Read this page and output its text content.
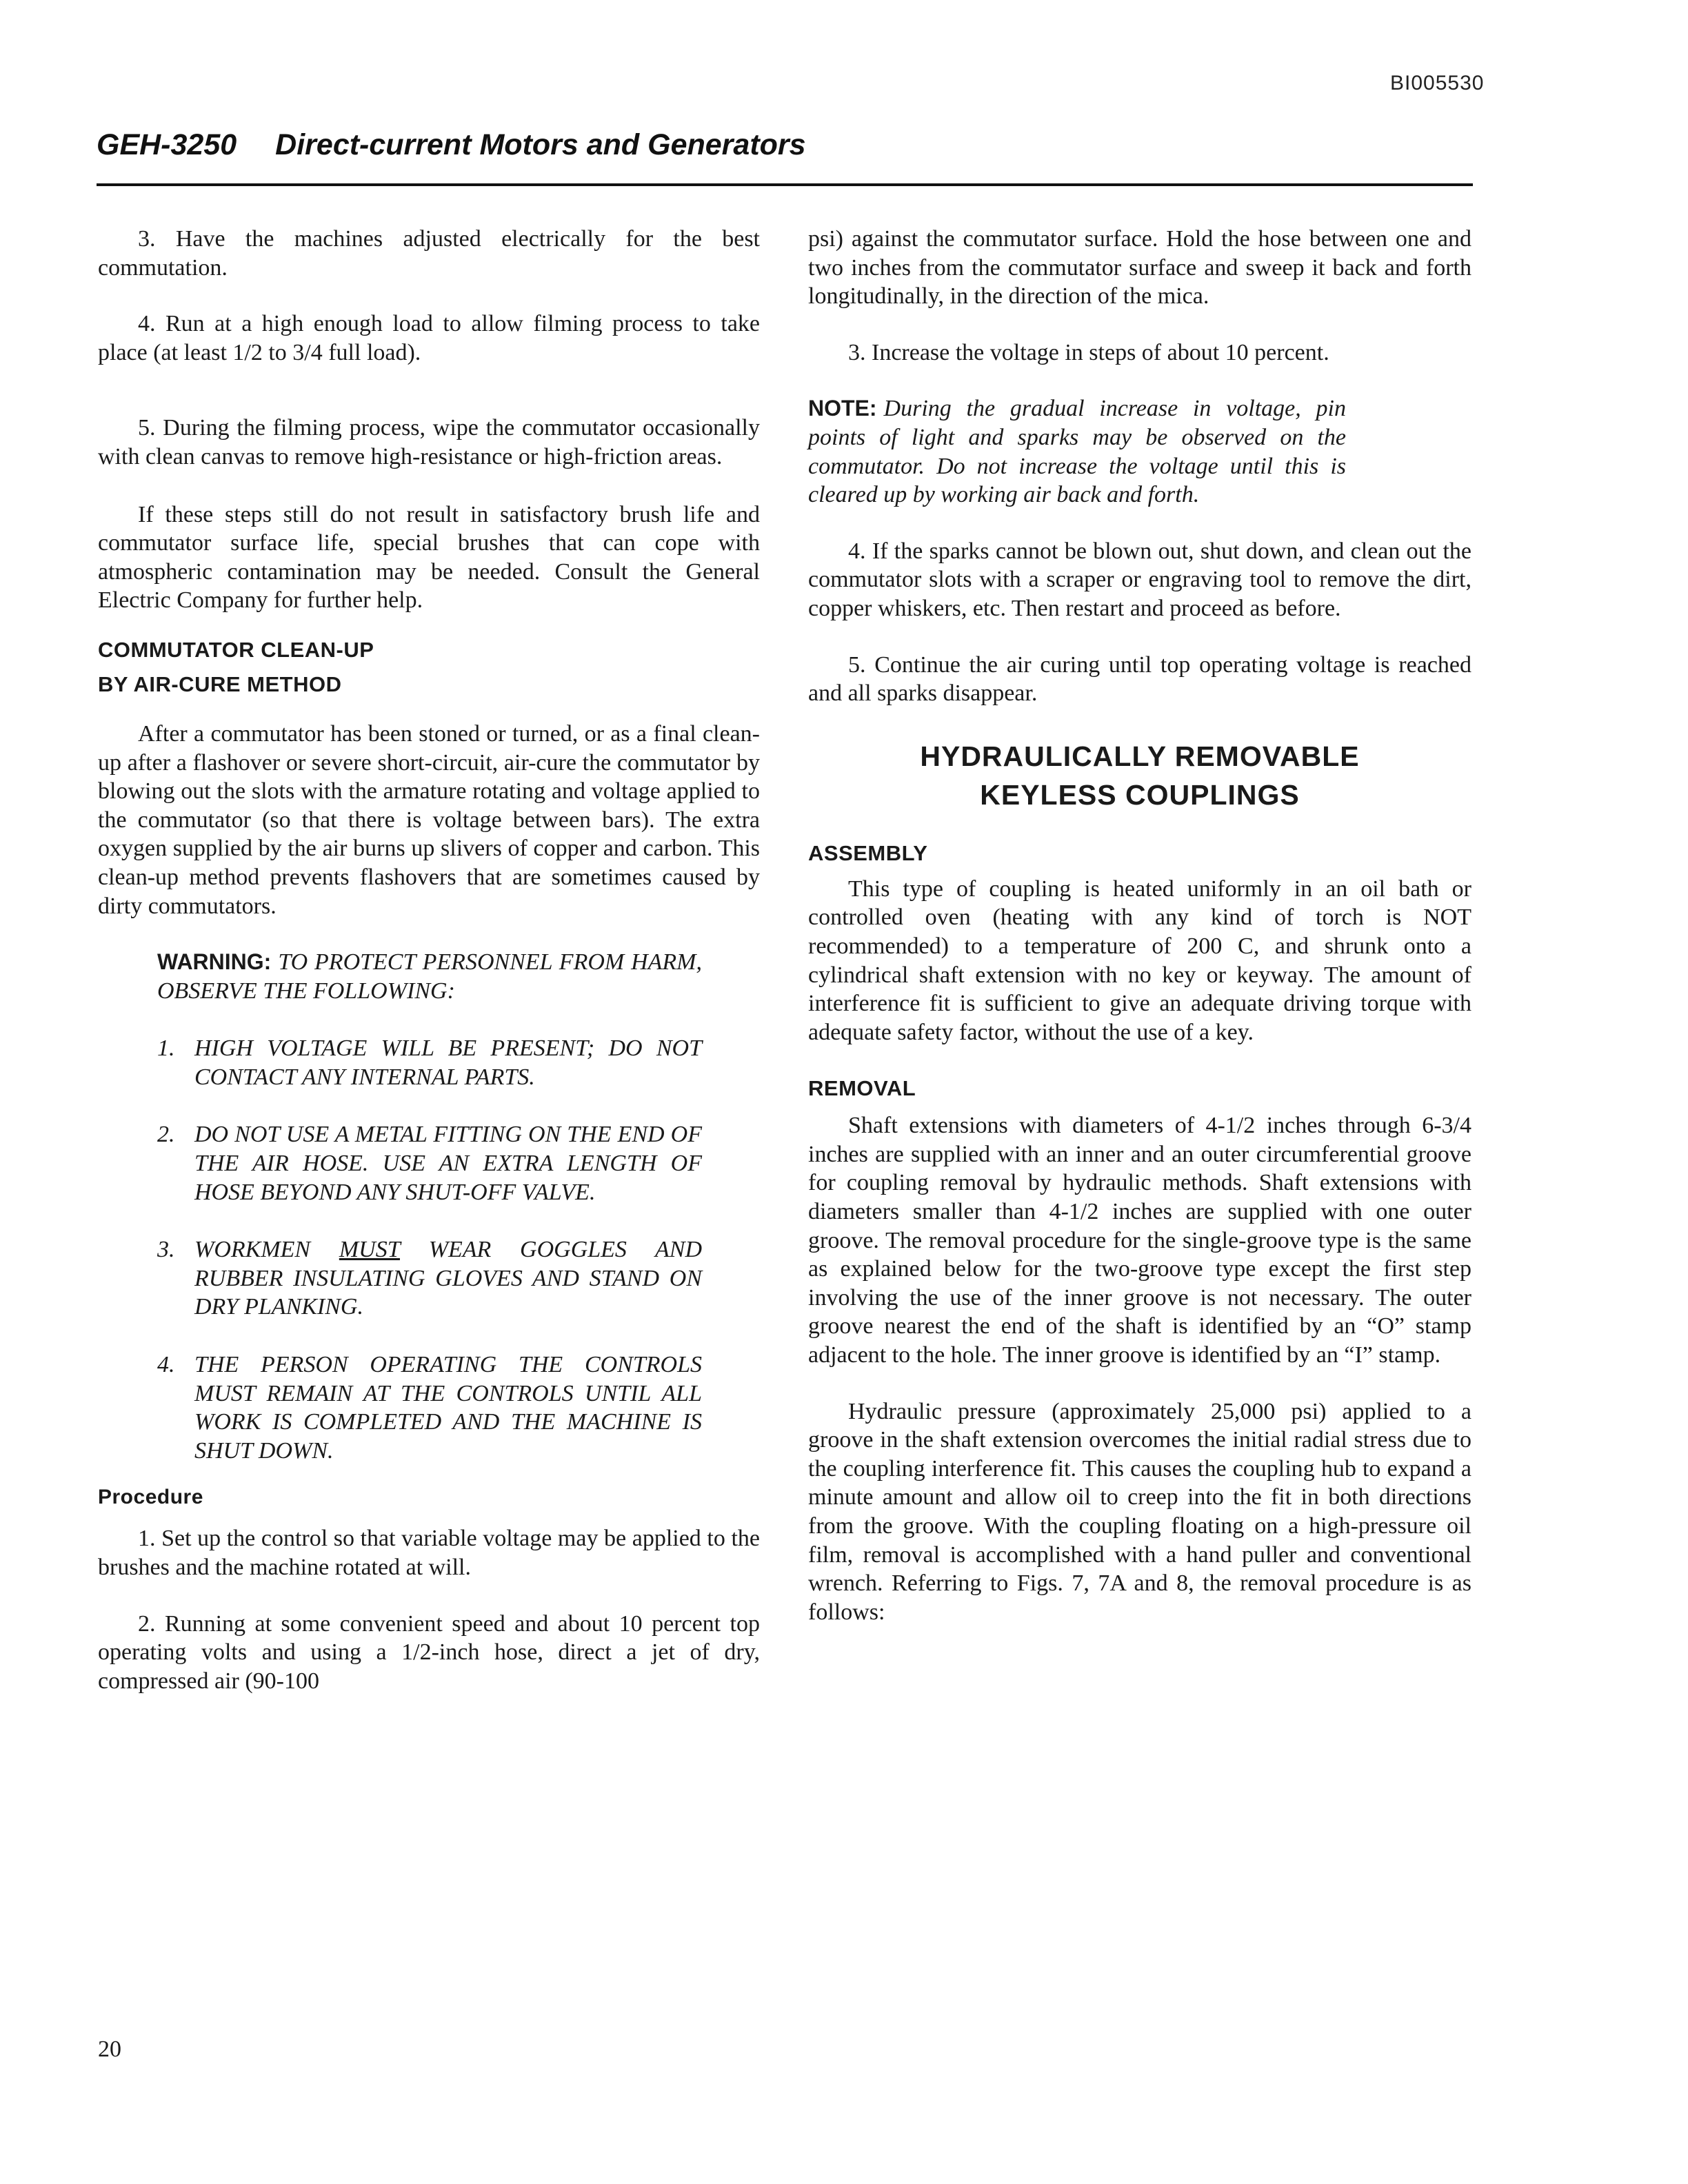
BI005530
GEH-3250 Direct-current Motors and Generators

3. Have the machines adjusted electrically for the best commutation.

4. Run at a high enough load to allow filming process to take place (at least 1/2 to 3/4 full load).

5. During the filming process, wipe the commutator occasionally with clean canvas to remove high-resistance or high-friction areas.

If these steps still do not result in satisfactory brush life and commutator surface life, special brushes that can cope with atmospheric contamination may be needed. Consult the General Electric Company for further help.

COMMUTATOR CLEAN-UP

BY AIR-CURE METHOD

After a commutator has been stoned or turned, or as a final clean-up after a flashover or severe short-circuit, air-cure the commutator by blowing out the slots with the armature rotating and voltage applied to the commutator (so that there is voltage between bars). The extra oxygen supplied by the air burns up slivers of copper and carbon. This clean-up method prevents flashovers that are sometimes caused by dirty commutators.

WARNING: TO PROTECT PERSONNEL FROM HARM, OBSERVE THE FOLLOWING:

1. HIGH VOLTAGE WILL BE PRESENT; DO NOT CONTACT ANY INTERNAL PARTS.
2. DO NOT USE A METAL FITTING ON THE END OF THE AIR HOSE. USE AN EXTRA LENGTH OF HOSE BEYOND ANY SHUT-OFF VALVE.
3. WORKMEN MUST WEAR GOGGLES AND RUBBER INSULATING GLOVES AND STAND ON DRY PLANKING.
4. THE PERSON OPERATING THE CONTROLS MUST REMAIN AT THE CONTROLS UNTIL ALL WORK IS COMPLETED AND THE MACHINE IS SHUT DOWN.

Procedure

1. Set up the control so that variable voltage may be applied to the brushes and the machine rotated at will.

2. Running at some convenient speed and about 10 percent top operating volts and using a 1/2-inch hose, direct a jet of dry, compressed air (90-100

psi) against the commutator surface. Hold the hose between one and two inches from the commutator surface and sweep it back and forth longitudinally, in the direction of the mica.

3. Increase the voltage in steps of about 10 percent.

NOTE: During the gradual increase in voltage, pin points of light and sparks may be observed on the commutator. Do not increase the voltage until this is cleared up by working air back and forth.

4. If the sparks cannot be blown out, shut down, and clean out the commutator slots with a scraper or engraving tool to remove the dirt, copper whiskers, etc. Then restart and proceed as before.

5. Continue the air curing until top operating voltage is reached and all sparks disappear.

HYDRAULICALLY REMOVABLE

KEYLESS COUPLINGS

ASSEMBLY

This type of coupling is heated uniformly in an oil bath or controlled oven (heating with any kind of torch is NOT recommended) to a temperature of 200 C, and shrunk onto a cylindrical shaft extension with no key or keyway. The amount of interference fit is sufficient to give an adequate driving torque with adequate safety factor, without the use of a key.

REMOVAL

Shaft extensions with diameters of 4-1/2 inches through 6-3/4 inches are supplied with an inner and an outer circumferential groove for coupling removal by hydraulic methods. Shaft extensions with diameters smaller than 4-1/2 inches are supplied with one outer groove. The removal procedure for the single-groove type is the same as explained below for the two-groove type except the first step involving the use of the inner groove is not necessary. The outer groove nearest the end of the shaft is identified by an “O” stamp adjacent to the hole. The inner groove is identified by an “I” stamp.

Hydraulic pressure (approximately 25,000 psi) applied to a groove in the shaft extension overcomes the initial radial stress due to the coupling interference fit. This causes the coupling hub to expand a minute amount and allow oil to creep into the fit in both directions from the groove. With the coupling floating on a high-pressure oil film, removal is accomplished with a hand puller and conventional wrench. Referring to Figs. 7, 7A and 8, the removal procedure is as follows:

20
